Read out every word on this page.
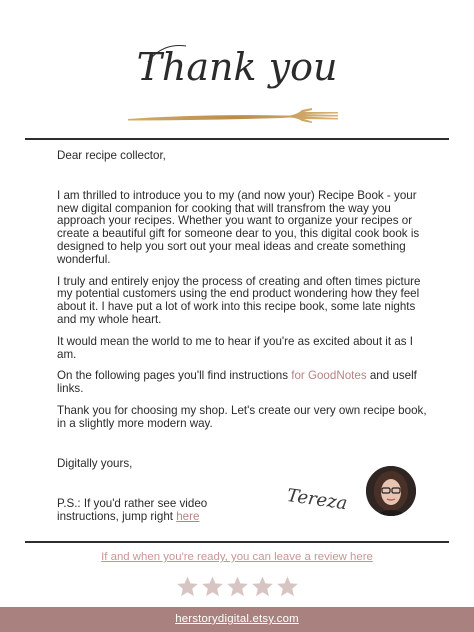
Thank you

Dear recipe collector,

I am thrilled to introduce you to my (and now your) Recipe Book - your new digital companion for cooking that will transfrom the way you approach your recipes. Whether you want to organize your recipes or create a beautiful gift for someone dear to you, this digital cook book is designed to help you sort out your meal ideas and create something wonderful.

I truly and entirely enjoy the process of creating and often times picture my potential customers using the end product wondering how they feel about it. I have put a lot of work into this recipe book, some late nights and my whole heart.

It would mean the world to me to hear if you're as excited about it as I am.

On the following pages you'll find instructions for GoodNotes and uself links.

Thank you for choosing my shop. Let's create our very own recipe book, in a slightly more modern way.

Digitally yours,
P.S.: If you'd rather see video instructions, jump right here
Tereza
If and when you're ready, you can leave a review here
herstorydigital.etsy.com
